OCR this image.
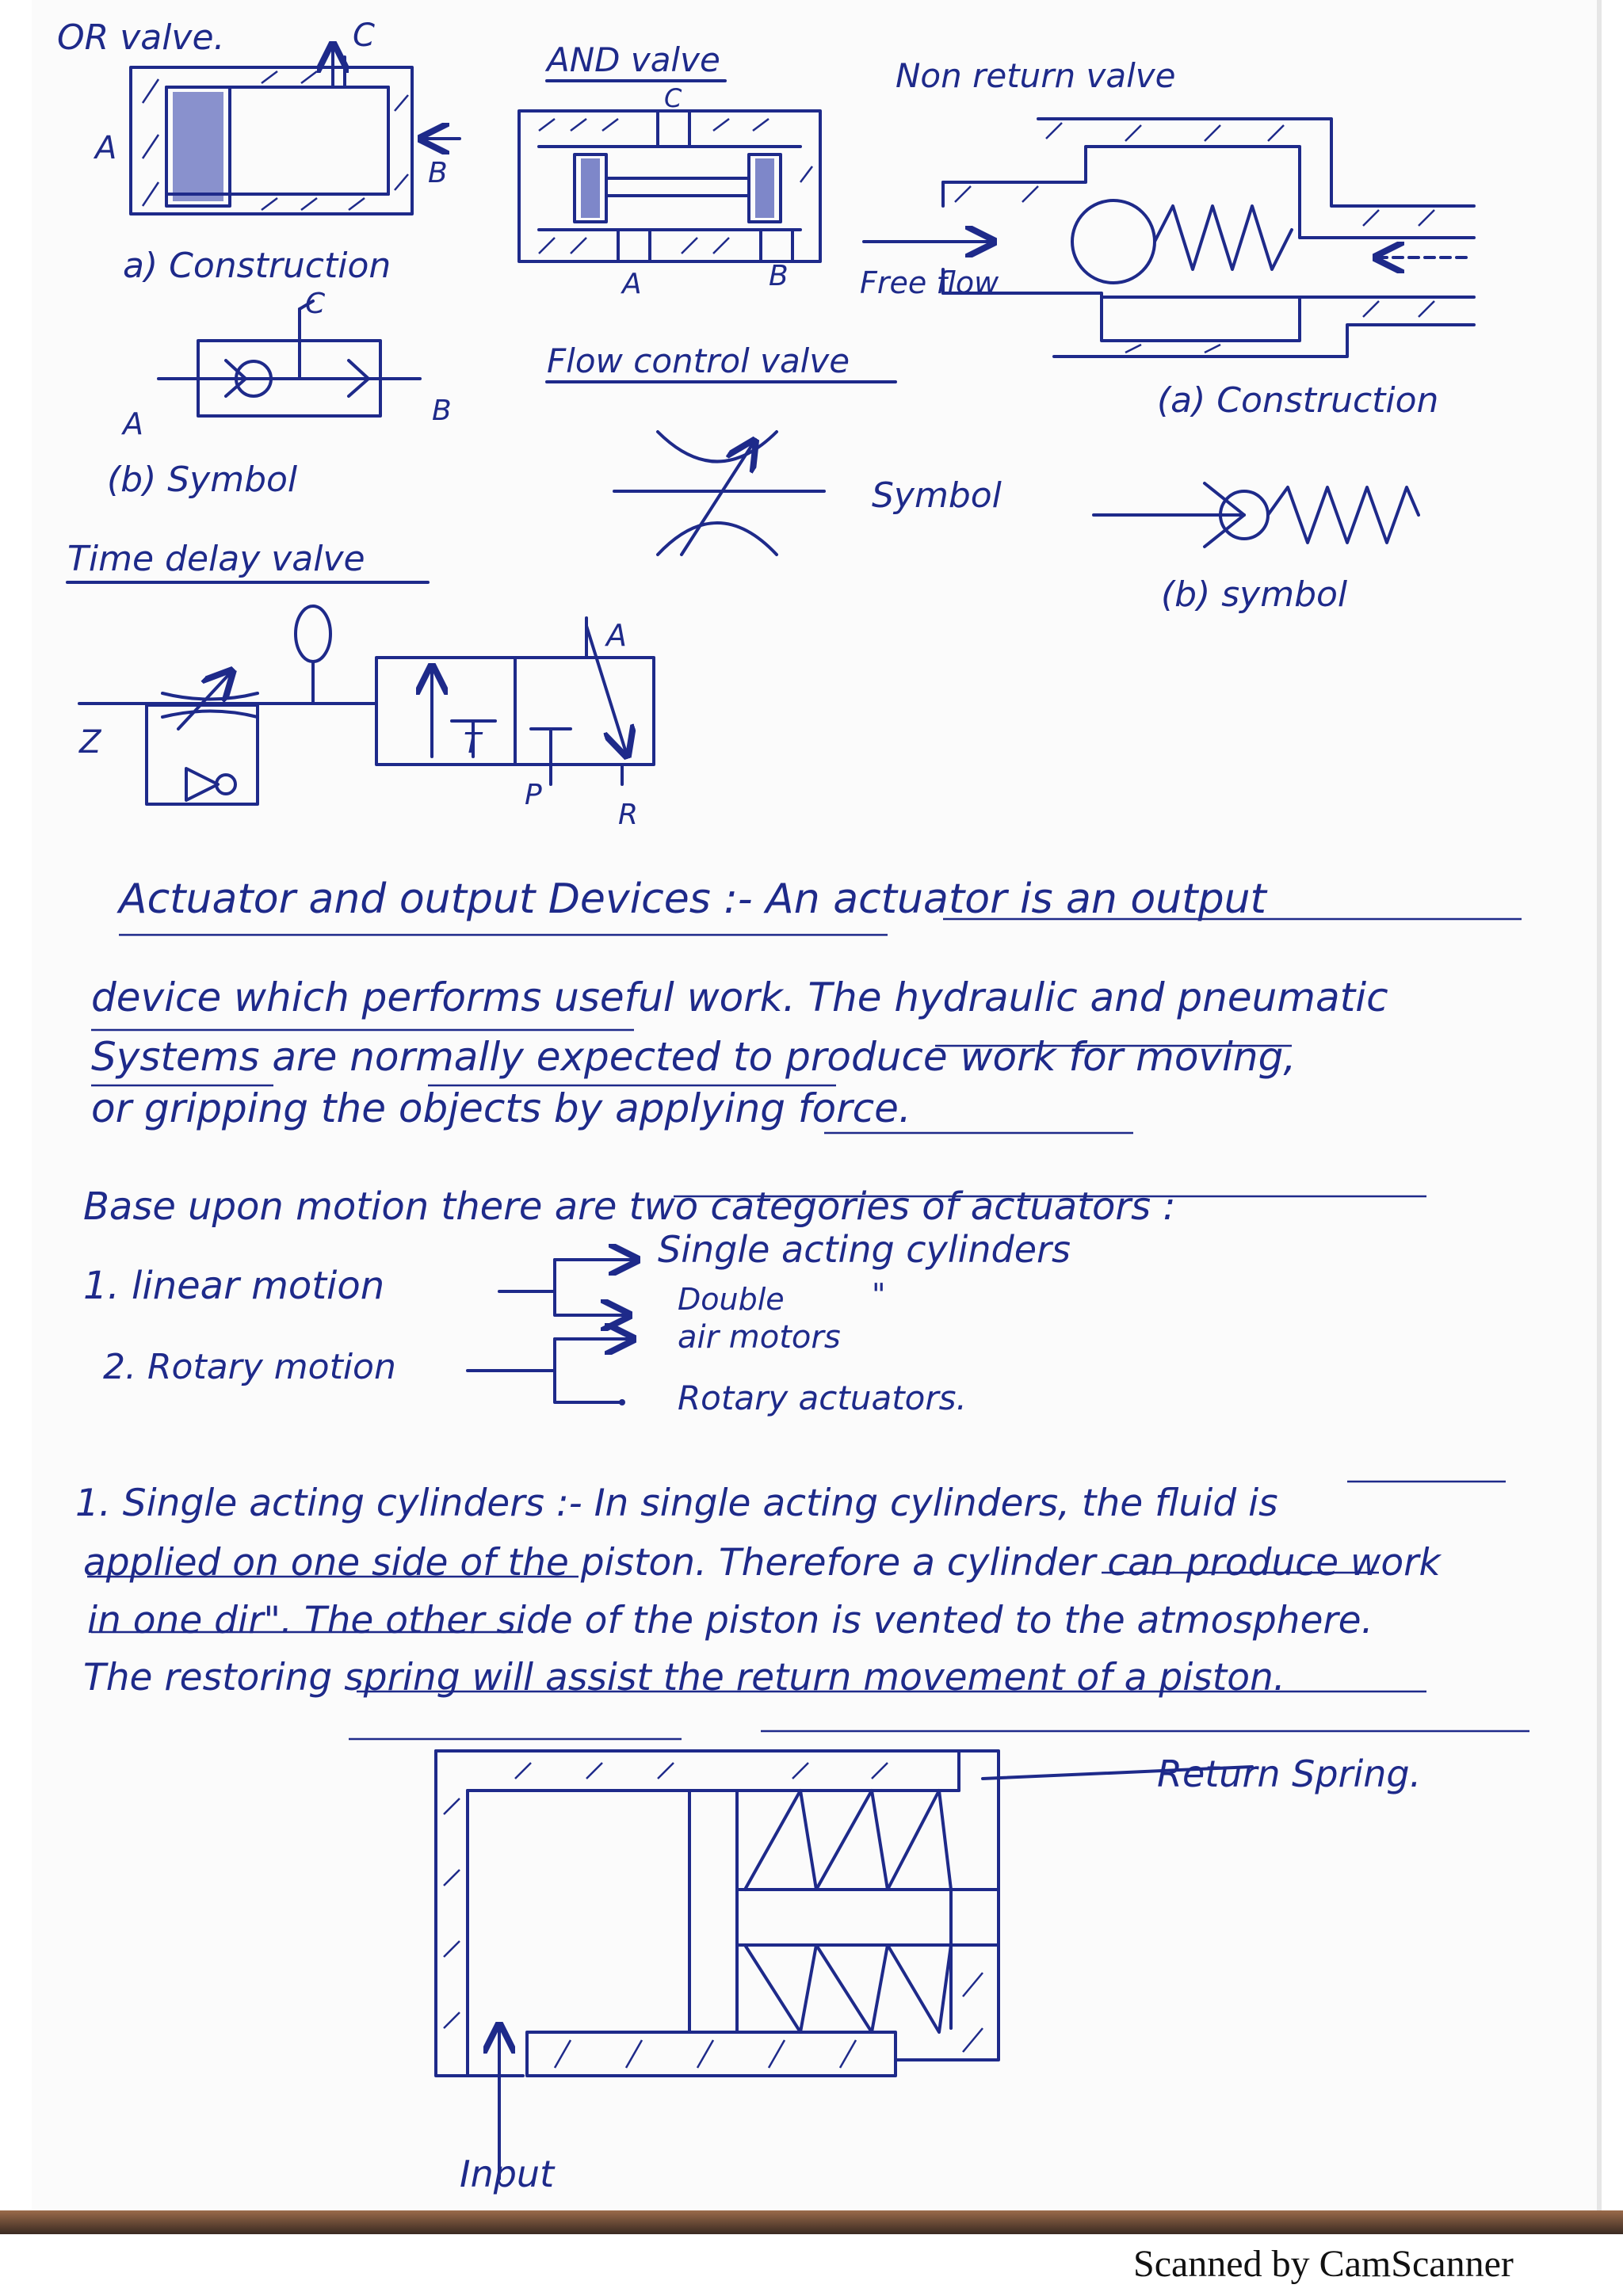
OR valve.	C
A
B
a) Construction
C
A	B
(b) Symbol
AND valve
C
A	B
Flow control valve
Symbol
Non return valve
Free flow
(a) Construction
(b) symbol
Time delay valve
Z
A
P
R
T
Return Spring.
Input
Actuator and output Devices :- An actuator is an output
device which performs useful work. The hydraulic and pneumatic
Systems are normally expected to produce work for moving,
or gripping the objects by applying force.
Base upon motion there are two categories of actuators :
1. linear motion
2. Rotary motion
Single acting cylinders
Double	"
air motors
Rotary actuators.
1. Single acting cylinders :- In single acting cylinders, the fluid is
applied on one side of the piston. Therefore a cylinder can produce work
in one dir". The other side of the piston is vented to the atmosphere.
The restoring spring will assist the return movement of a piston.
Scanned by CamScanner
